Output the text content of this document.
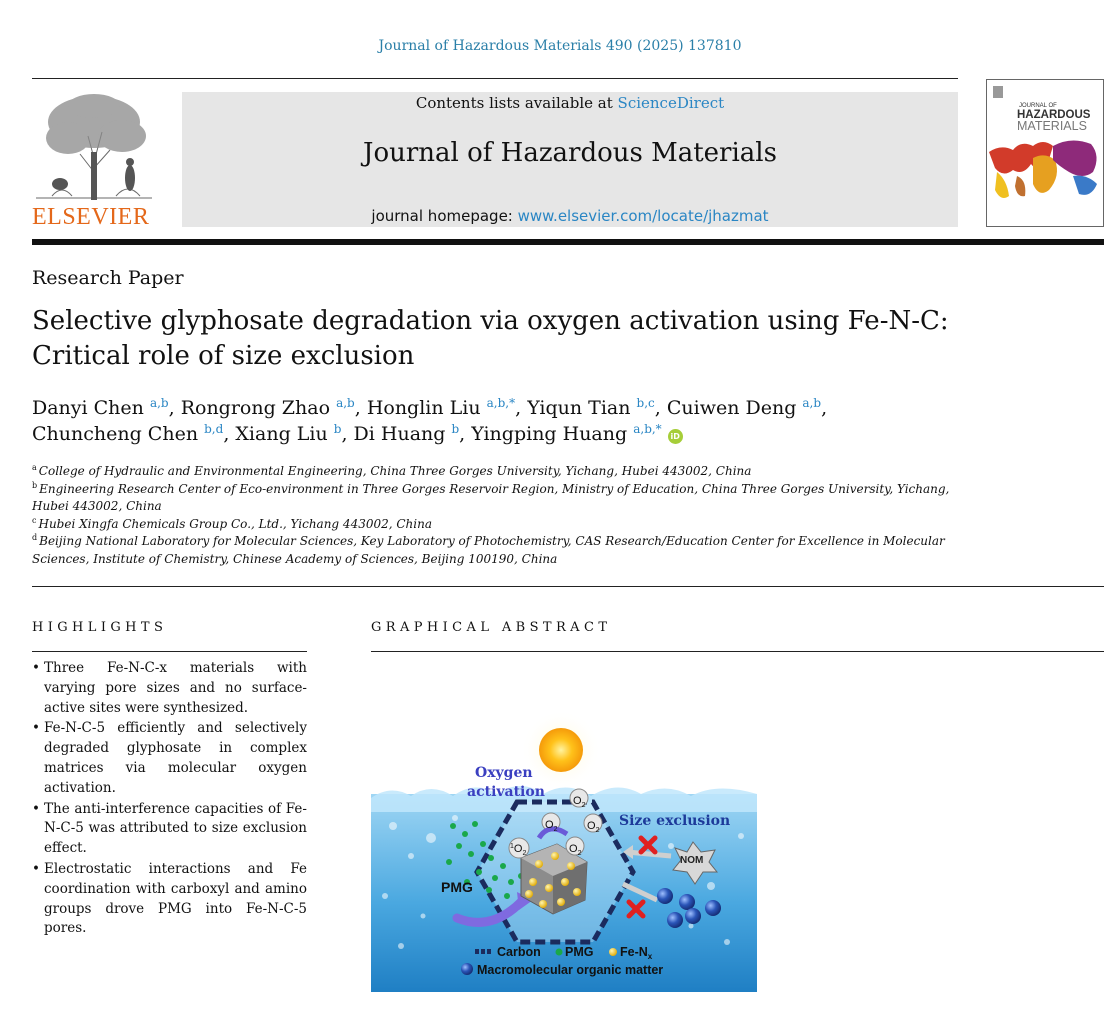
Journal of Hazardous Materials 490 (2025) 137810
ELSEVIER
Contents lists available at ScienceDirect
Journal of Hazardous Materials
journal homepage: www.elsevier.com/locate/jhazmat
JOURNAL OF
HAZARDOUS
MATERIALS
Research Paper
Selective glyphosate degradation via oxygen activation using Fe-N-C:
Critical role of size exclusion
Danyi Chen $^{a,b}$, Rongrong Zhao $^{a,b}$, Honglin Liu $^{a,b,*}$, Yiqun Tian $^{b,c}$, Cuiwen Deng $^{a,b}$,
Chuncheng Chen $^{b,d}$, Xiang Liu $^b$, Di Huang $^b$, Yingping Huang $^{a,b,*}$ iD
$^a$ College of Hydraulic and Environmental Engineering, China Three Gorges University, Yichang, Hubei 443002, China
$^b$ Engineering Research Center of Eco-environment in Three Gorges Reservoir Region, Ministry of Education, China Three Gorges University, Yichang, Hubei 443002, China
$^c$ Hubei Xingfa Chemicals Group Co., Ltd., Yichang 443002, China
$^d$ Beijing National Laboratory for Molecular Sciences, Key Laboratory of Photochemistry, CAS Research/Education Center for Excellence in Molecular Sciences, Institute of Chemistry, Chinese Academy of Sciences, Beijing 100190, China
HIGHLIGHTS
• Three Fe-N-C-x materials with varying pore sizes and no surface-active sites were synthesized.
• Fe-N-C-5 efficiently and selectively degraded glyphosate in complex matrices via molecular oxygen activation.
• The anti-interference capacities of Fe-N-C-5 was attributed to size exclusion effect.
• Electrostatic interactions and Fe coordination with carboxyl and amino groups drove PMG into Fe-N-C-5 pores.
GRAPHICAL ABSTRACT
Oxygen
activation
Size exclusion
PMG
$O_2$
$O_2$
$O_2$
$O_2$
$^1O_2$
NOM
Carbon PMG $Fe-N_x$
Macromolecular organic matter
